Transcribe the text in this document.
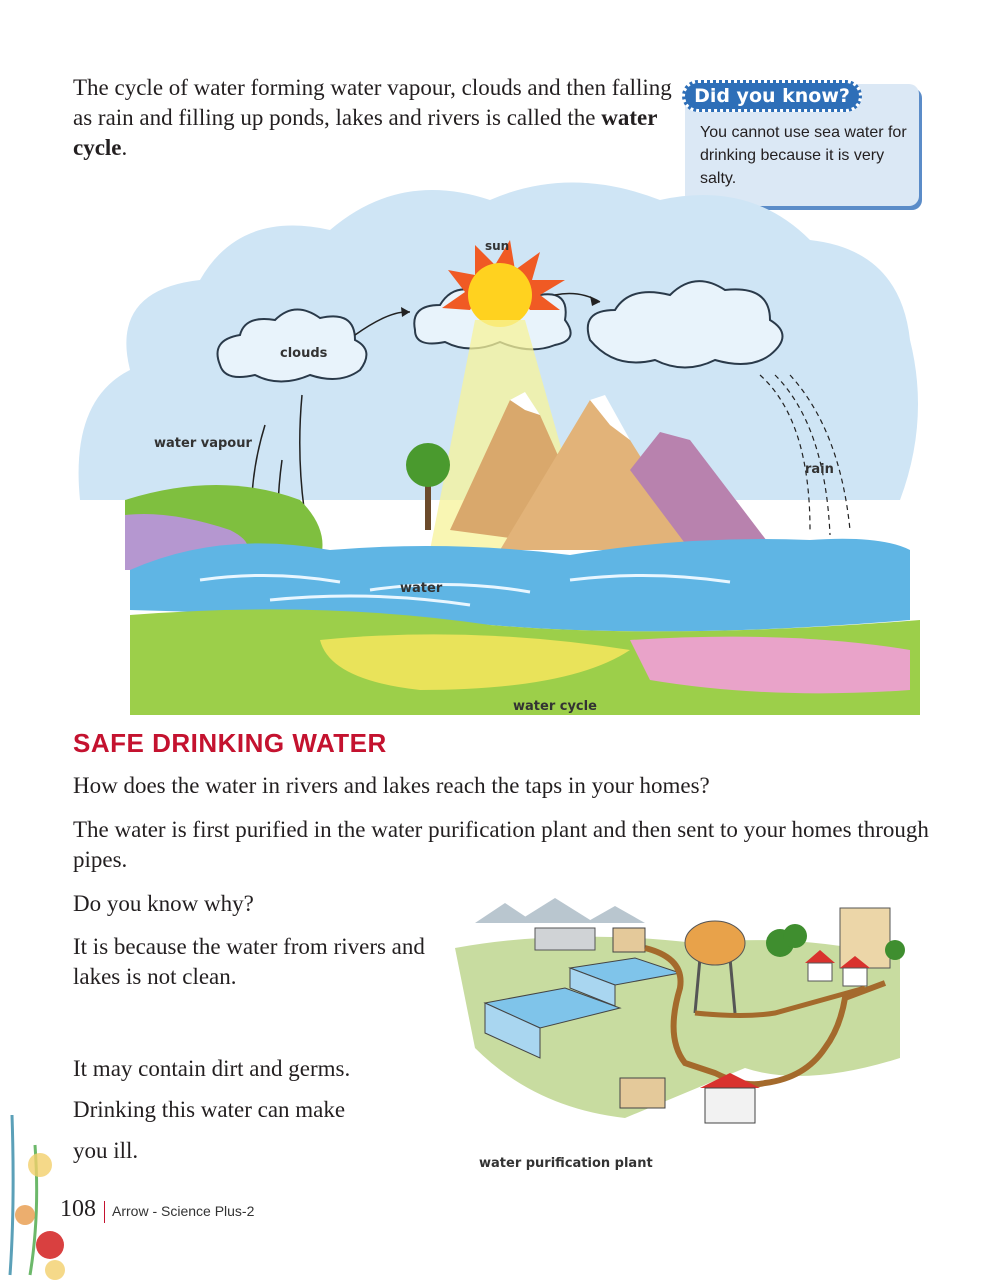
The cycle of water forming water vapour, clouds and then falling as rain and filling up ponds, lakes and rivers is called the water cycle.

Did you know?
You cannot use sea water for drinking because it is very salty.
sun
clouds
water vapour
rain
water
water cycle
SAFE DRINKING WATER

How does the water in rivers and lakes reach the taps in your homes?

The water is first purified in the water purification plant and then sent to your homes through pipes.

Do you know why?

It is because the water from rivers and lakes is not clean.

It may contain dirt and germs. Drinking this water can make you ill.

water purification plant
108 Arrow - Science Plus-2
